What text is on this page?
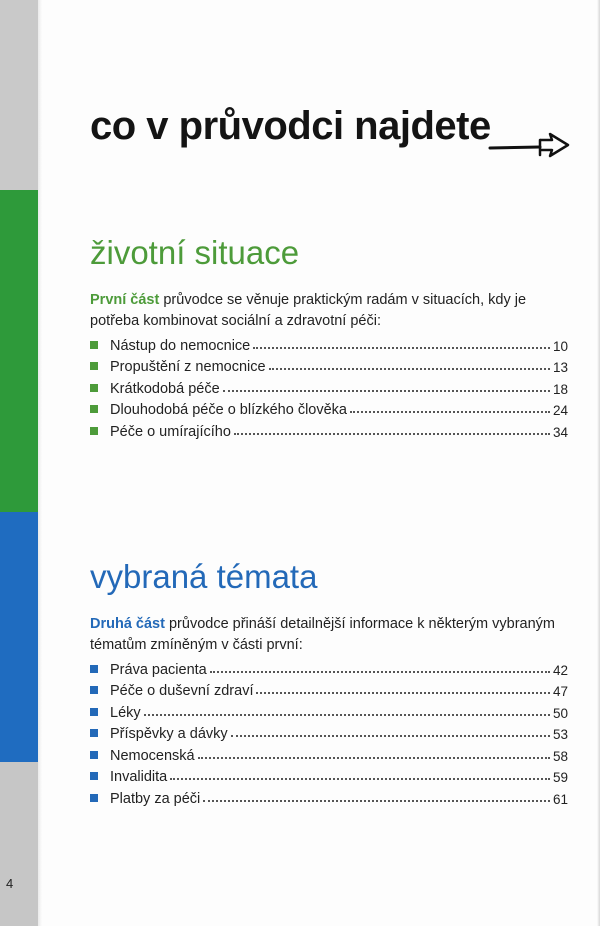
co v průvodci najdete
životní situace

První část průvodce se věnuje praktickým radám v situacích, kdy je potřeba kombinovat sociální a zdravotní péči:

Nástup do nemocnice	10
Propuštění z nemocnice	13
Krátkodobá péče	18
Dlouhodobá péče o blízkého člověka	24
Péče o umírajícího	34
vybraná témata

Druhá část průvodce přináší detailnější informace k některým vybraným tématům zmíněným v části první:

Práva pacienta	42
Péče o duševní zdraví	47
Léky	50
Příspěvky a dávky	53
Nemocenská	58
Invalidita	59
Platby za péči	61
4
